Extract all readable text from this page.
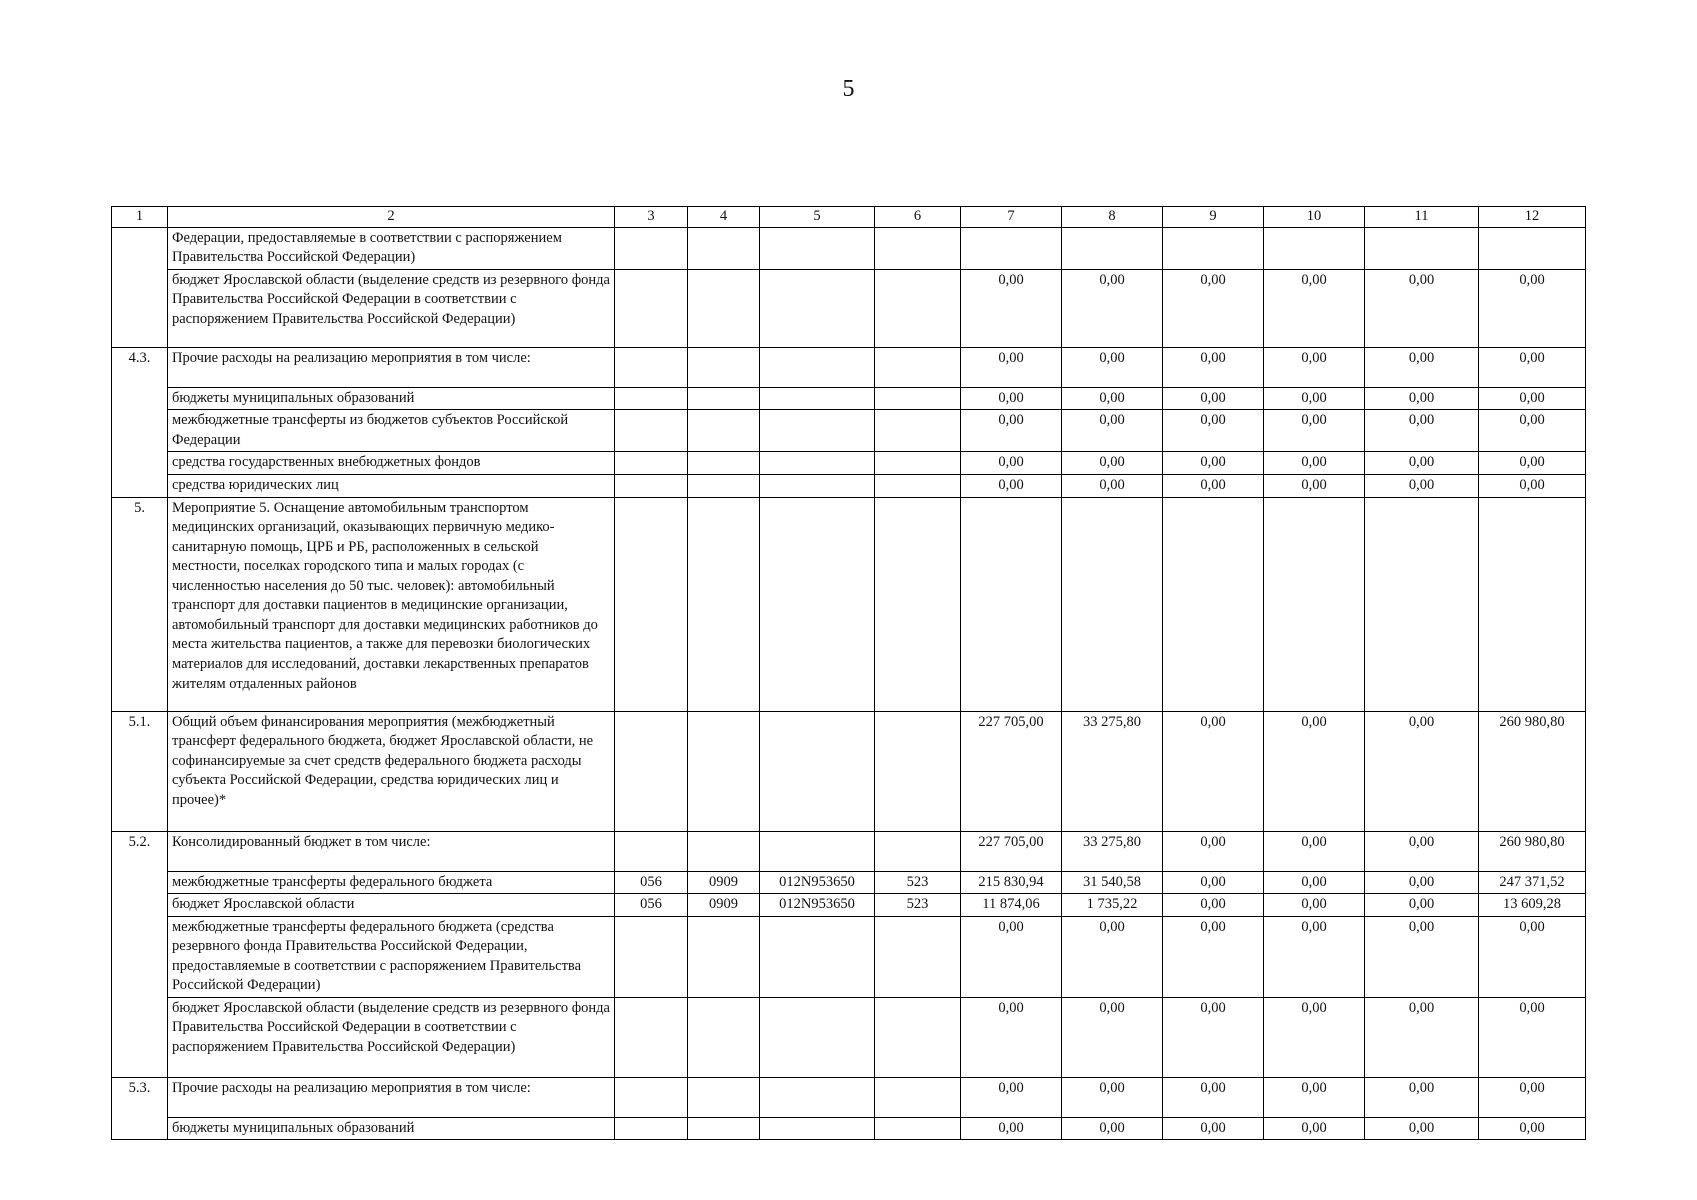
5
1	2	3	4	5	6	7	8	9	10	11	12
	Федерации, предоставляемые в соответствии с распоряжением Правительства Российской Федерации)										
	бюджет Ярославской области (выделение средств из резервного фонда Правительства Российской Федерации в соответствии с распоряжением Правительства Российской Федерации)					0,00	0,00	0,00	0,00	0,00	0,00
4.3.	Прочие расходы на реализацию мероприятия в том числе:					0,00	0,00	0,00	0,00	0,00	0,00
	бюджеты муниципальных образований					0,00	0,00	0,00	0,00	0,00	0,00
	межбюджетные трансферты из бюджетов субъектов Российской Федерации					0,00	0,00	0,00	0,00	0,00	0,00
	средства государственных внебюджетных фондов					0,00	0,00	0,00	0,00	0,00	0,00
	средства юридических лиц					0,00	0,00	0,00	0,00	0,00	0,00
5.	Мероприятие 5. Оснащение автомобильным транспортом медицинских организаций, оказывающих первичную медико-санитарную помощь, ЦРБ и РБ, расположенных в сельской местности, поселках городского типа и малых городах (с численностью населения до 50 тыс. человек): автомобильный транспорт для доставки пациентов в медицинские организации, автомобильный транспорт для доставки медицинских работников до места жительства пациентов, а также для перевозки биологических материалов для исследований, доставки лекарственных препаратов жителям отдаленных районов										
5.1.	Общий объем финансирования мероприятия (межбюджетный трансферт федерального бюджета, бюджет Ярославской области, не софинансируемые за счет средств федерального бюджета расходы субъекта Российской Федерации, средства юридических лиц и прочее)*					227 705,00	33 275,80	0,00	0,00	0,00	260 980,80
5.2.	Консолидированный бюджет в том числе:					227 705,00	33 275,80	0,00	0,00	0,00	260 980,80
	межбюджетные трансферты федерального бюджета	056	0909	012N953650	523	215 830,94	31 540,58	0,00	0,00	0,00	247 371,52
	бюджет Ярославской области	056	0909	012N953650	523	11 874,06	1 735,22	0,00	0,00	0,00	13 609,28
	межбюджетные трансферты федерального бюджета (средства резервного фонда Правительства Российской Федерации, предоставляемые в соответствии с распоряжением Правительства Российской Федерации)					0,00	0,00	0,00	0,00	0,00	0,00
	бюджет Ярославской области (выделение средств из резервного фонда Правительства Российской Федерации в соответствии с распоряжением Правительства Российской Федерации)					0,00	0,00	0,00	0,00	0,00	0,00
5.3.	Прочие расходы на реализацию мероприятия в том числе:					0,00	0,00	0,00	0,00	0,00	0,00
	бюджеты муниципальных образований					0,00	0,00	0,00	0,00	0,00	0,00
